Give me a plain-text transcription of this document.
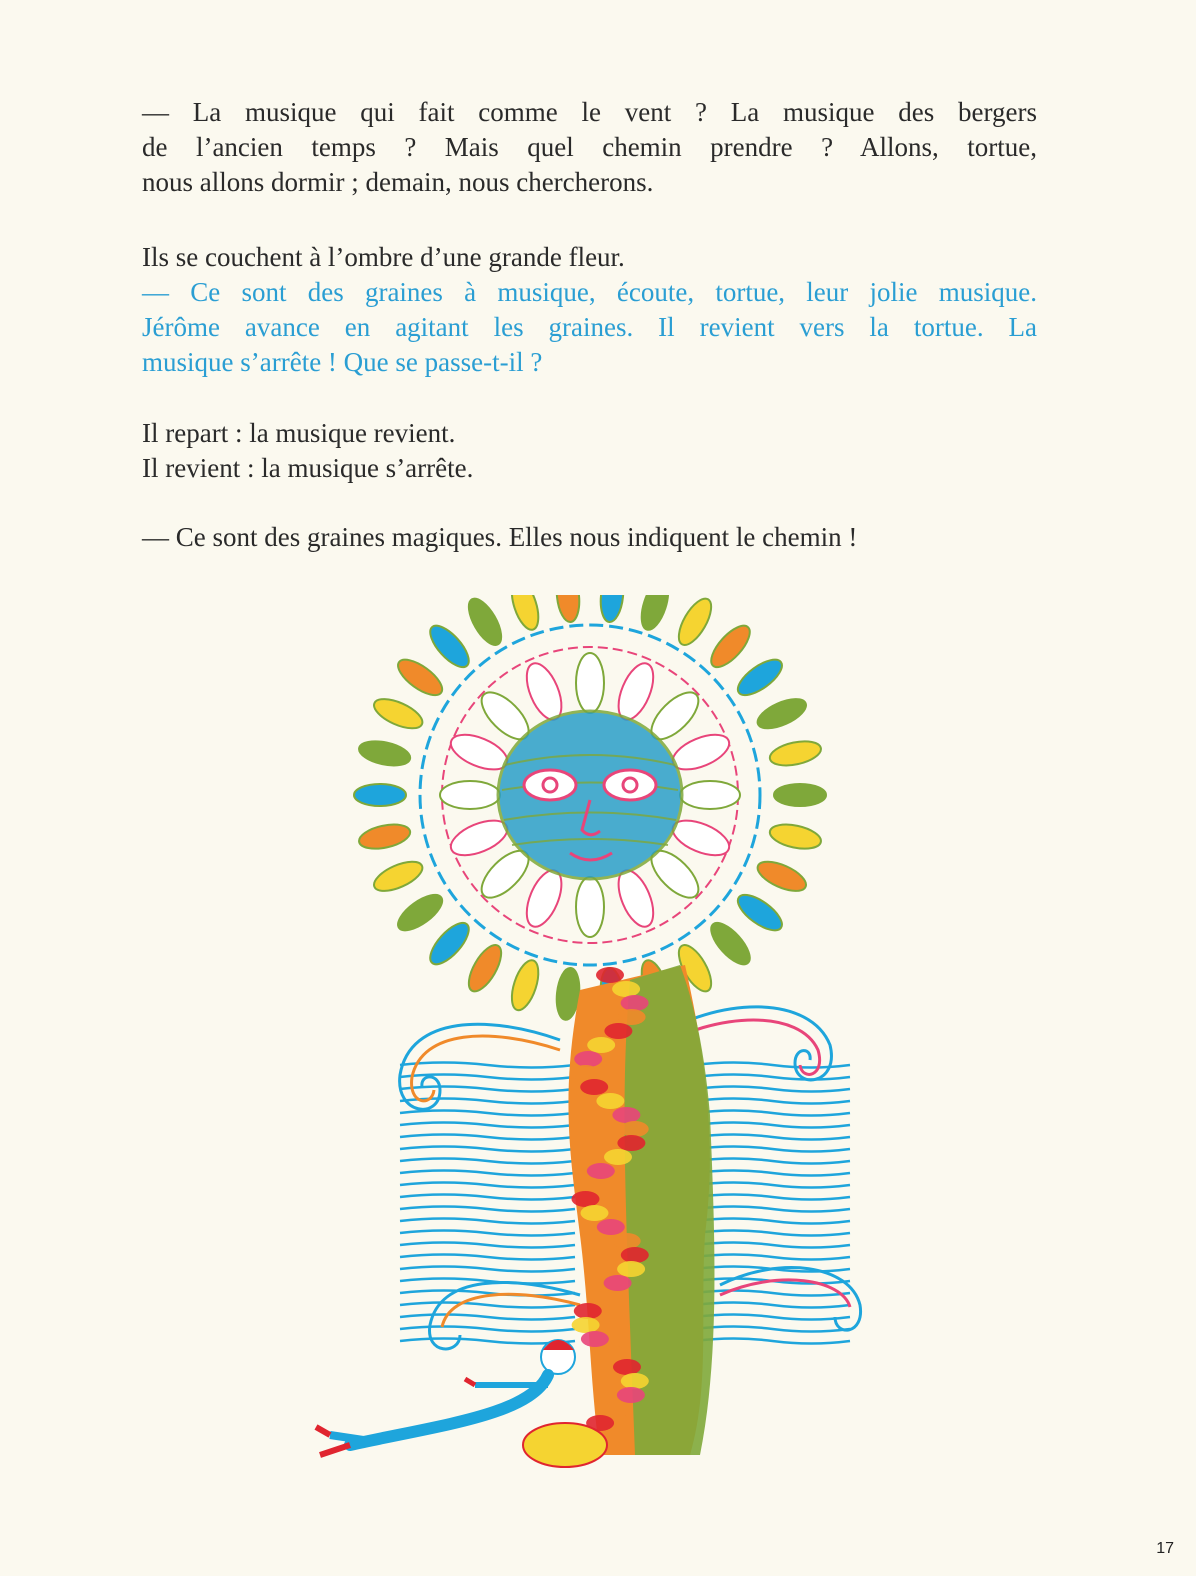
— La musique qui fait comme le vent ? La musique des bergers

de l’ancien temps ? Mais quel chemin prendre ? Allons, tortue,

nous allons dormir ; demain, nous chercherons.

Ils se couchent à l’ombre d’une grande fleur.

— Ce sont des graines à musique, écoute, tortue, leur jolie musique.

Jérôme avance en agitant les graines. Il revient vers la tortue. La

musique s’arrête ! Que se passe-t-il ?

Il repart : la musique revient.

Il revient : la musique s’arrête.

— Ce sont des graines magiques. Elles nous indiquent le chemin !

17
